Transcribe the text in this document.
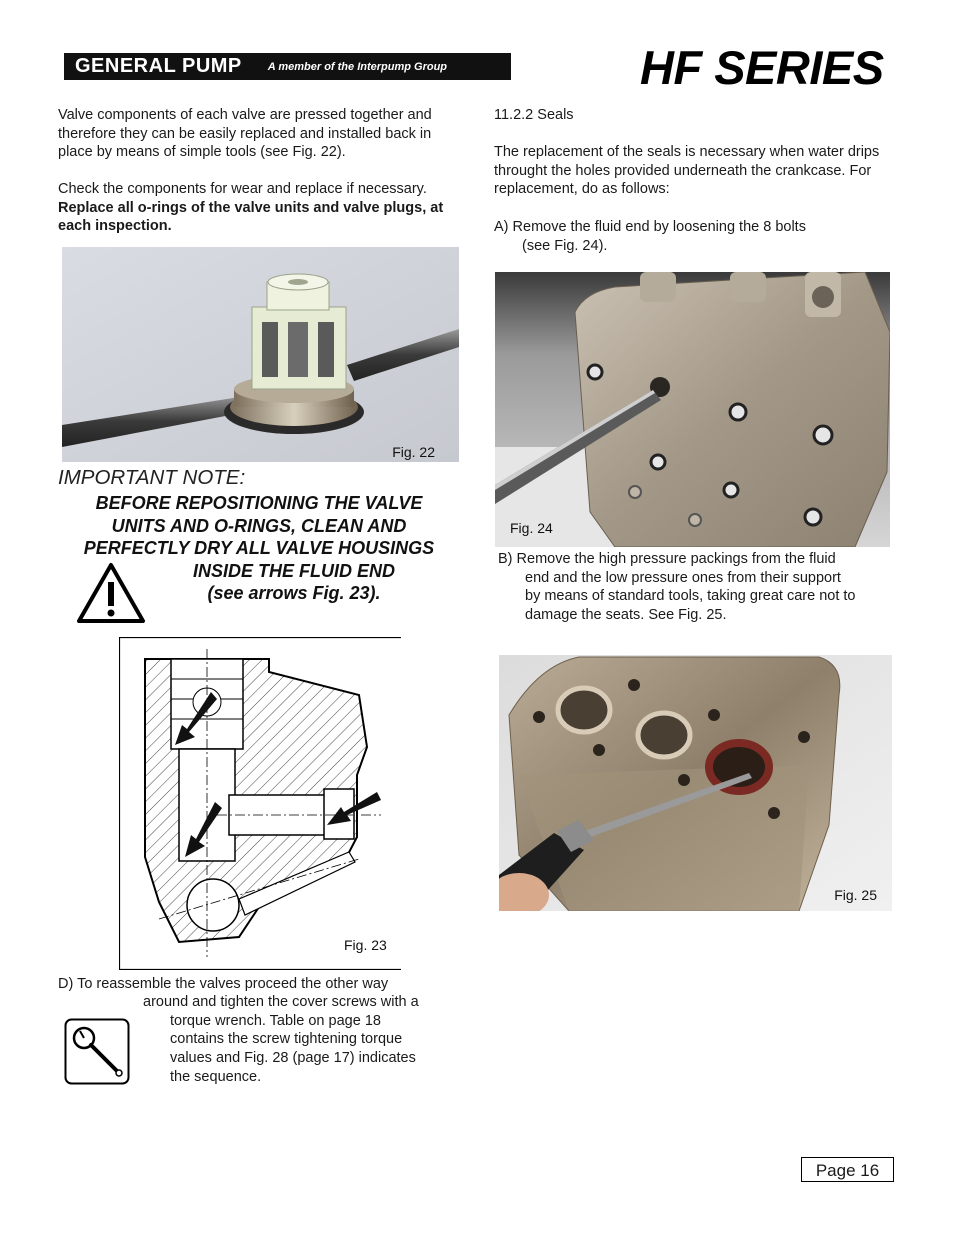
GENERAL PUMP A member of the Interpump Group	HF SERIES

Valve components of each valve are pressed together and therefore they can be easily replaced and installed back in place by means of simple tools (see Fig. 22).

Check the components for wear and replace if necessary.

Replace all o-rings of the valve units and valve plugs, at each inspection.

Fig. 22
IMPORTANT NOTE:
BEFORE REPOSITIONING THE VALVE
UNITS AND O-RINGS, CLEAN AND
PERFECTLY DRY ALL VALVE HOUSINGS
INSIDE THE FLUID END
(see arrows Fig. 23).
Fig. 23
D) To reassemble the valves proceed the other way
around and tighten the cover screws with a
torque wrench. Table on page 18
contains the screw tightening torque
values and Fig. 28 (page 17) indicates
the sequence.
11.2.2 Seals

The replacement of the seals is necessary when water drips throught the holes provided underneath the crankcase. For replacement, do as follows:

A) Remove the fluid end by loosening the 8 bolts
(see Fig. 24).
Fig. 24
B) Remove the high pressure packings from the fluid
end and the low pressure ones from their support
by means of standard tools, taking great care not to
damage the seats. See Fig. 25.
Fig. 25
Page 16
